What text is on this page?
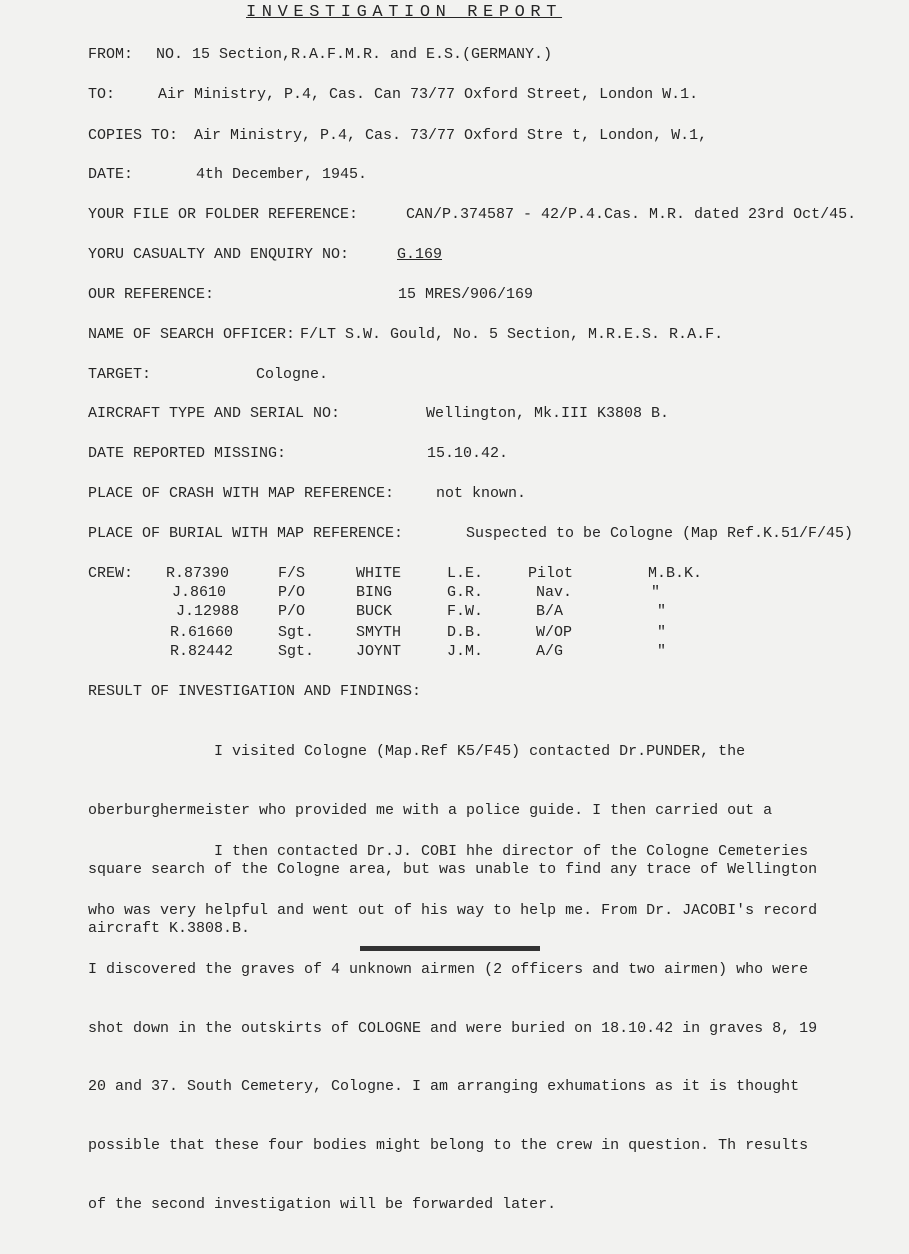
INVESTIGATION REPORT
FROM: NO. 15 Section,R.A.F.M.R. and E.S.(GERMANY.)
TO:	Air Ministry, P.4, Cas. Can 73/77 Oxford Street, London W.1.
COPIES TO: Air Ministry, P.4, Cas. 73/77 Oxford Stre t, London, W.1,
DATE:	4th December, 1945.
YOUR FILE OR FOLDER REFERENCE:	CAN/P.374587 - 42/P.4.Cas. M.R. dated 23rd Oct/45.
YORU CASUALTY AND ENQUIRY NO:	G.169
OUR REFERENCE:	15 MRES/906/169
NAME OF SEARCH OFFICER: F/LT S.W. Gould, No. 5 Section, M.R.E.S. R.A.F.
TARGET:	Cologne.
AIRCRAFT TYPE AND SERIAL NO:	Wellington, Mk.III K3808 B.
DATE REPORTED MISSING:	15.10.42.
PLACE OF CRASH WITH MAP REFERENCE:	not known.
PLACE OF BURIAL WITH MAP REFERENCE:	Suspected to be Cologne (Map Ref.K.51/F/45)
CREW: R.87390	F/S	WHITE	L.E.	Pilot	M.B.K.
J.8610	P/O	BING	G.R.	Nav.	"
J.12988	P/O	BUCK	F.W.	B/A	"
R.61660	Sgt.	SMYTH	D.B.	W/OP	"
R.82442	Sgt.	JOYNT	J.M.	A/G	"
RESULT OF INVESTIGATION AND FINDINGS:

I visited Cologne (Map.Ref K5/F45) contacted Dr.PUNDER, the

oberburghermeister who provided me with a police guide. I then carried out a

square search of the Cologne area, but was unable to find any trace of Wellington

aircraft K.3808.B.

I then contacted Dr.J. COBI hhe director of the Cologne Cemeteries

who was very helpful and went out of his way to help me. From Dr. JACOBI's record

I discovered the graves of 4 unknown airmen (2 officers and two airmen) who were

shot down in the outskirts of COLOGNE and were buried on 18.10.42 in graves 8, 19

20 and 37. South Cemetery, Cologne. I am arranging exhumations as it is thought

possible that these four bodies might belong to the crew in question. Th results

of the second investigation will be forwarded later.
